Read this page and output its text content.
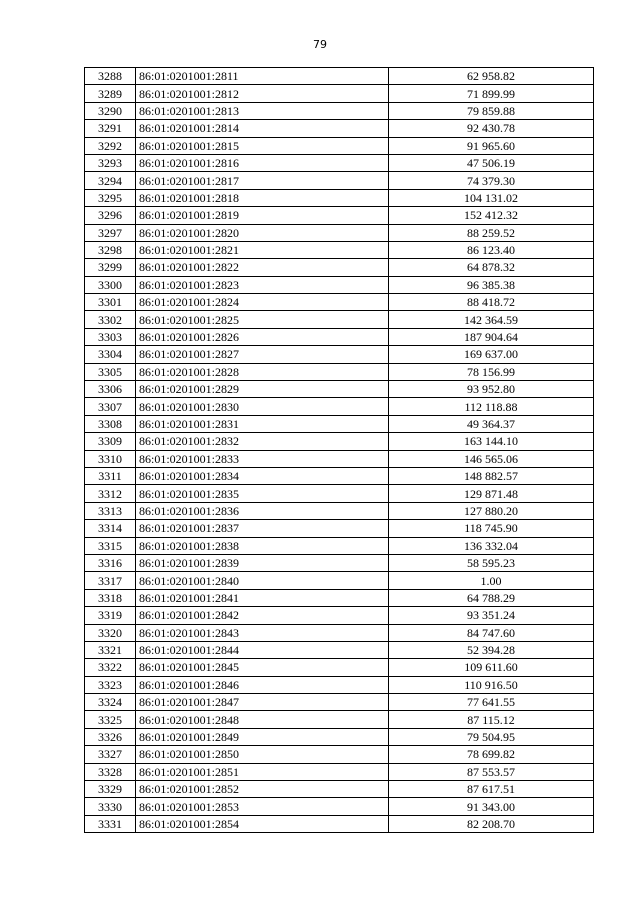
79
3288	86:01:0201001:2811	62 958.82
3289	86:01:0201001:2812	71 899.99
3290	86:01:0201001:2813	79 859.88
3291	86:01:0201001:2814	92 430.78
3292	86:01:0201001:2815	91 965.60
3293	86:01:0201001:2816	47 506.19
3294	86:01:0201001:2817	74 379.30
3295	86:01:0201001:2818	104 131.02
3296	86:01:0201001:2819	152 412.32
3297	86:01:0201001:2820	88 259.52
3298	86:01:0201001:2821	86 123.40
3299	86:01:0201001:2822	64 878.32
3300	86:01:0201001:2823	96 385.38
3301	86:01:0201001:2824	88 418.72
3302	86:01:0201001:2825	142 364.59
3303	86:01:0201001:2826	187 904.64
3304	86:01:0201001:2827	169 637.00
3305	86:01:0201001:2828	78 156.99
3306	86:01:0201001:2829	93 952.80
3307	86:01:0201001:2830	112 118.88
3308	86:01:0201001:2831	49 364.37
3309	86:01:0201001:2832	163 144.10
3310	86:01:0201001:2833	146 565.06
3311	86:01:0201001:2834	148 882.57
3312	86:01:0201001:2835	129 871.48
3313	86:01:0201001:2836	127 880.20
3314	86:01:0201001:2837	118 745.90
3315	86:01:0201001:2838	136 332.04
3316	86:01:0201001:2839	58 595.23
3317	86:01:0201001:2840	1.00
3318	86:01:0201001:2841	64 788.29
3319	86:01:0201001:2842	93 351.24
3320	86:01:0201001:2843	84 747.60
3321	86:01:0201001:2844	52 394.28
3322	86:01:0201001:2845	109 611.60
3323	86:01:0201001:2846	110 916.50
3324	86:01:0201001:2847	77 641.55
3325	86:01:0201001:2848	87 115.12
3326	86:01:0201001:2849	79 504.95
3327	86:01:0201001:2850	78 699.82
3328	86:01:0201001:2851	87 553.57
3329	86:01:0201001:2852	87 617.51
3330	86:01:0201001:2853	91 343.00
3331	86:01:0201001:2854	82 208.70
